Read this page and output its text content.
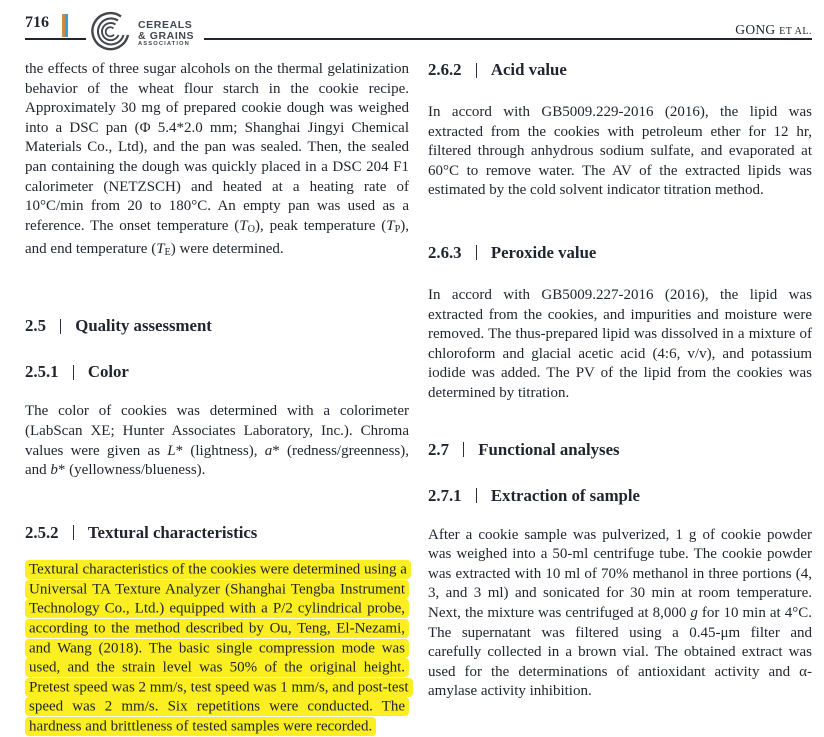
716	CEREALS
& GRAINS
ASSOCIATION
GONG ET AL.

the effects of three sugar alcohols on the thermal gelatinization behavior of the wheat flour starch in the cookie recipe. Approximately 30 mg of prepared cookie dough was weighed into a DSC pan (Φ 5.4*2.0 mm; Shanghai Jingyi Chemical Materials Co., Ltd), and the pan was sealed. Then, the sealed pan containing the dough was quickly placed in a DSC 204 F1 calorimeter (NETZSCH) and heated at a heating rate of 10°C/min from 20 to 180°C. An empty pan was used as a reference. The onset temperature (TO), peak temperature (TP), and end temperature (TE) were determined.

2.5 Quality assessment
2.5.1 Color

The color of cookies was determined with a colorimeter (LabScan XE; Hunter Associates Laboratory, Inc.). Chroma values were given as L* (lightness), a* (redness/greenness), and b* (yellowness/blueness).

2.5.2 Textural characteristics

Textural characteristics of the cookies were determined using a Universal TA Texture Analyzer (Shanghai Tengba Instrument Technology Co., Ltd.) equipped with a P/2 cylindrical probe, according to the method described by Ou, Teng, El-Nezami, and Wang (2018). The basic single compression mode was used, and the strain level was 50% of the original height. Pretest speed was 2 mm/s, test speed was 1 mm/s, and post-test speed was 2 mm/s. Six repetitions were conducted. The hardness and brittleness of tested samples were recorded.

2.6.2 Acid value

In accord with GB5009.229-2016 (2016), the lipid was extracted from the cookies with petroleum ether for 12 hr, filtered through anhydrous sodium sulfate, and evaporated at 60°C to remove water. The AV of the extracted lipids was estimated by the cold solvent indicator titration method.

2.6.3 Peroxide value

In accord with GB5009.227-2016 (2016), the lipid was extracted from the cookies, and impurities and moisture were removed. The thus-prepared lipid was dissolved in a mixture of chloroform and glacial acetic acid (4:6, v/v), and potassium iodide was added. The PV of the lipid from the cookies was determined by titration.

2.7 Functional analyses
2.7.1 Extraction of sample

After a cookie sample was pulverized, 1 g of cookie powder was weighed into a 50-ml centrifuge tube. The cookie powder was extracted with 10 ml of 70% methanol in three portions (4, 3, and 3 ml) and sonicated for 30 min at room temperature. Next, the mixture was centrifuged at 8,000 g for 10 min at 4°C. The supernatant was filtered using a 0.45-μm filter and carefully collected in a brown vial. The obtained extract was used for the determinations of antioxidant activity and α-amylase activity inhibition.
